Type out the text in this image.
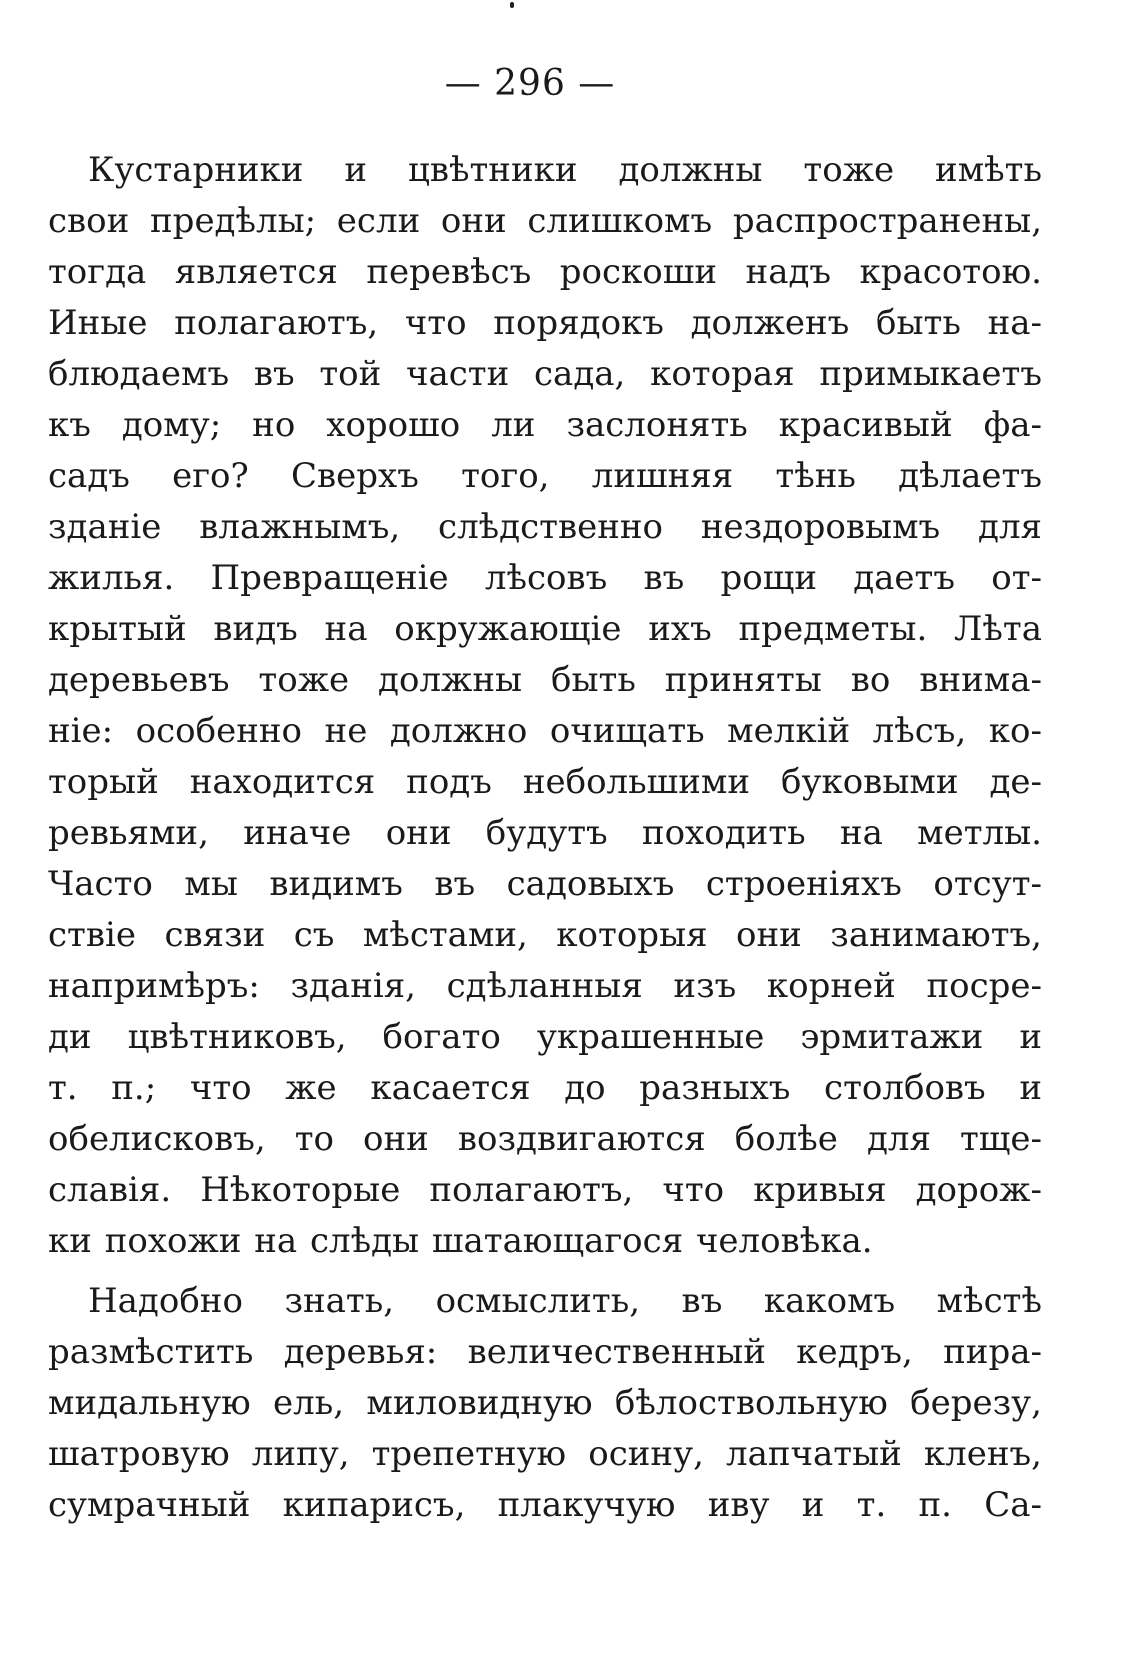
— 296 —
Кустарники и цвѣтники должны тоже имѣть
свои предѣлы; если они слишкомъ распространены,
тогда является перевѣсъ роскоши надъ красотою.
Иные полагаютъ, что порядокъ долженъ быть на-
блюдаемъ въ той части сада, которая примыкаетъ
къ дому; но хорошо ли заслонять красивый фа-
садъ его? Сверхъ того, лишняя тѣнь дѣлаетъ
зданіе влажнымъ, слѣдственно нездоровымъ для
жилья. Превращеніе лѣсовъ въ рощи даетъ от-
крытый видъ на окружающіе ихъ предметы. Лѣта
деревьевъ тоже должны быть приняты во внима-
ніе: особенно не должно очищать мелкій лѣсъ, ко-
торый находится подъ небольшими буковыми де-
ревьями, иначе они будутъ походить на метлы.
Часто мы видимъ въ садовыхъ строеніяхъ отсут-
ствіе связи съ мѣстами, которыя они занимаютъ,
напримѣръ: зданія, сдѣланныя изъ корней посре-
ди цвѣтниковъ, богато украшенные эрмитажи и
т. п.; что же касается до разныхъ столбовъ и
обелисковъ, то они воздвигаются болѣе для тще-
славія. Нѣкоторые полагаютъ, что кривыя дорож-
ки похожи на слѣды шатающагося человѣка.
Надобно знать, осмыслить, въ какомъ мѣстѣ
размѣстить деревья: величественный кедръ, пира-
мидальную ель, миловидную бѣлоствольную березу,
шатровую липу, трепетную осину, лапчатый кленъ,
сумрачный кипарисъ, плакучую иву и т. п. Са-
